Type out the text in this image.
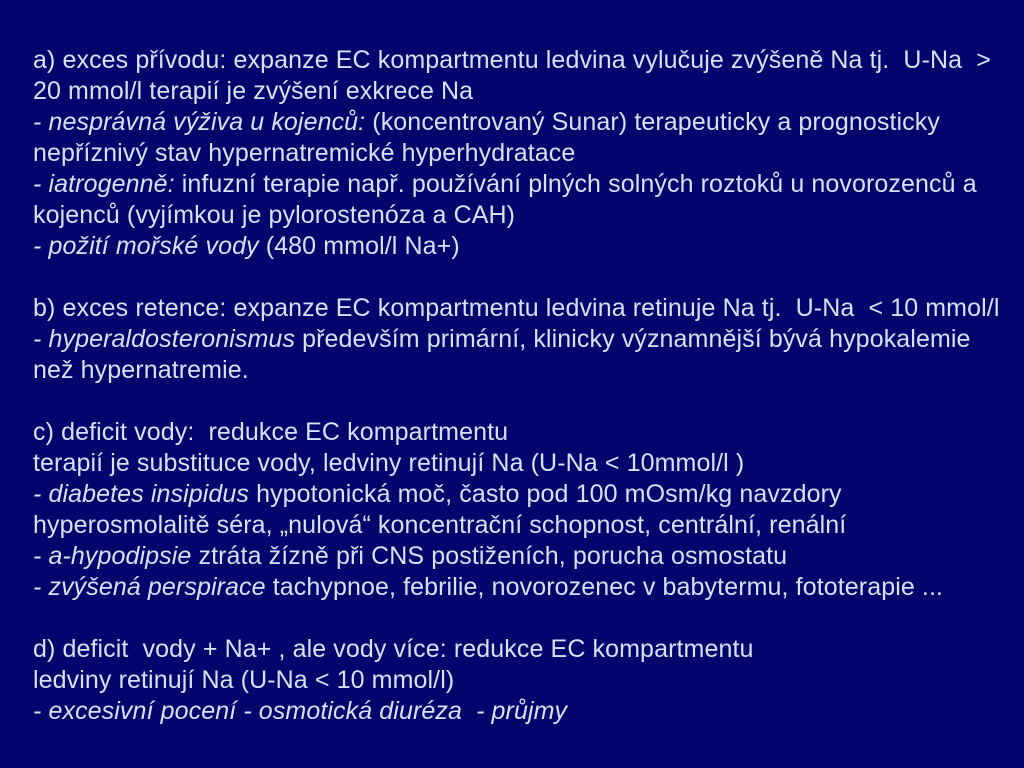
a) exces přívodu: expanze EC kompartmentu ledvina vylučuje zvýšeně Na tj.  U-Na  >
20 mmol/l terapií je zvýšení exkrece Na
- nesprávná výživa u kojenců: (koncentrovaný Sunar) terapeuticky a prognosticky
nepříznivý stav hypernatremické hyperhydratace
- iatrogenně: infuzní terapie např. používání plných solných roztoků u novorozenců a
kojenců (vyjímkou je pylorostenóza a CAH)
- požití mořské vody (480 mmol/l Na+)
b) exces retence: expanze EC kompartmentu ledvina retinuje Na tj.  U-Na  < 10 mmol/l
- hyperaldosteronismus především primární, klinicky významnější bývá hypokalemie
než hypernatremie.
c) deficit vody:  redukce EC kompartmentu
terapií je substituce vody, ledviny retinují Na (U-Na < 10mmol/l )
- diabetes insipidus hypotonická moč, často pod 100 mOsm/kg navzdory
hyperosmolalitě séra, „nulová“ koncentrační schopnost, centrální, renální
- a-hypodipsie ztráta žízně při CNS postiženích, porucha osmostatu
- zvýšená perspirace tachypnoe, febrilie, novorozenec v babytermu, fototerapie ...
d) deficit  vody + Na+ , ale vody více: redukce EC kompartmentu
ledviny retinují Na (U-Na < 10 mmol/l)
- excesivní pocení - osmotická diuréza  - průjmy
